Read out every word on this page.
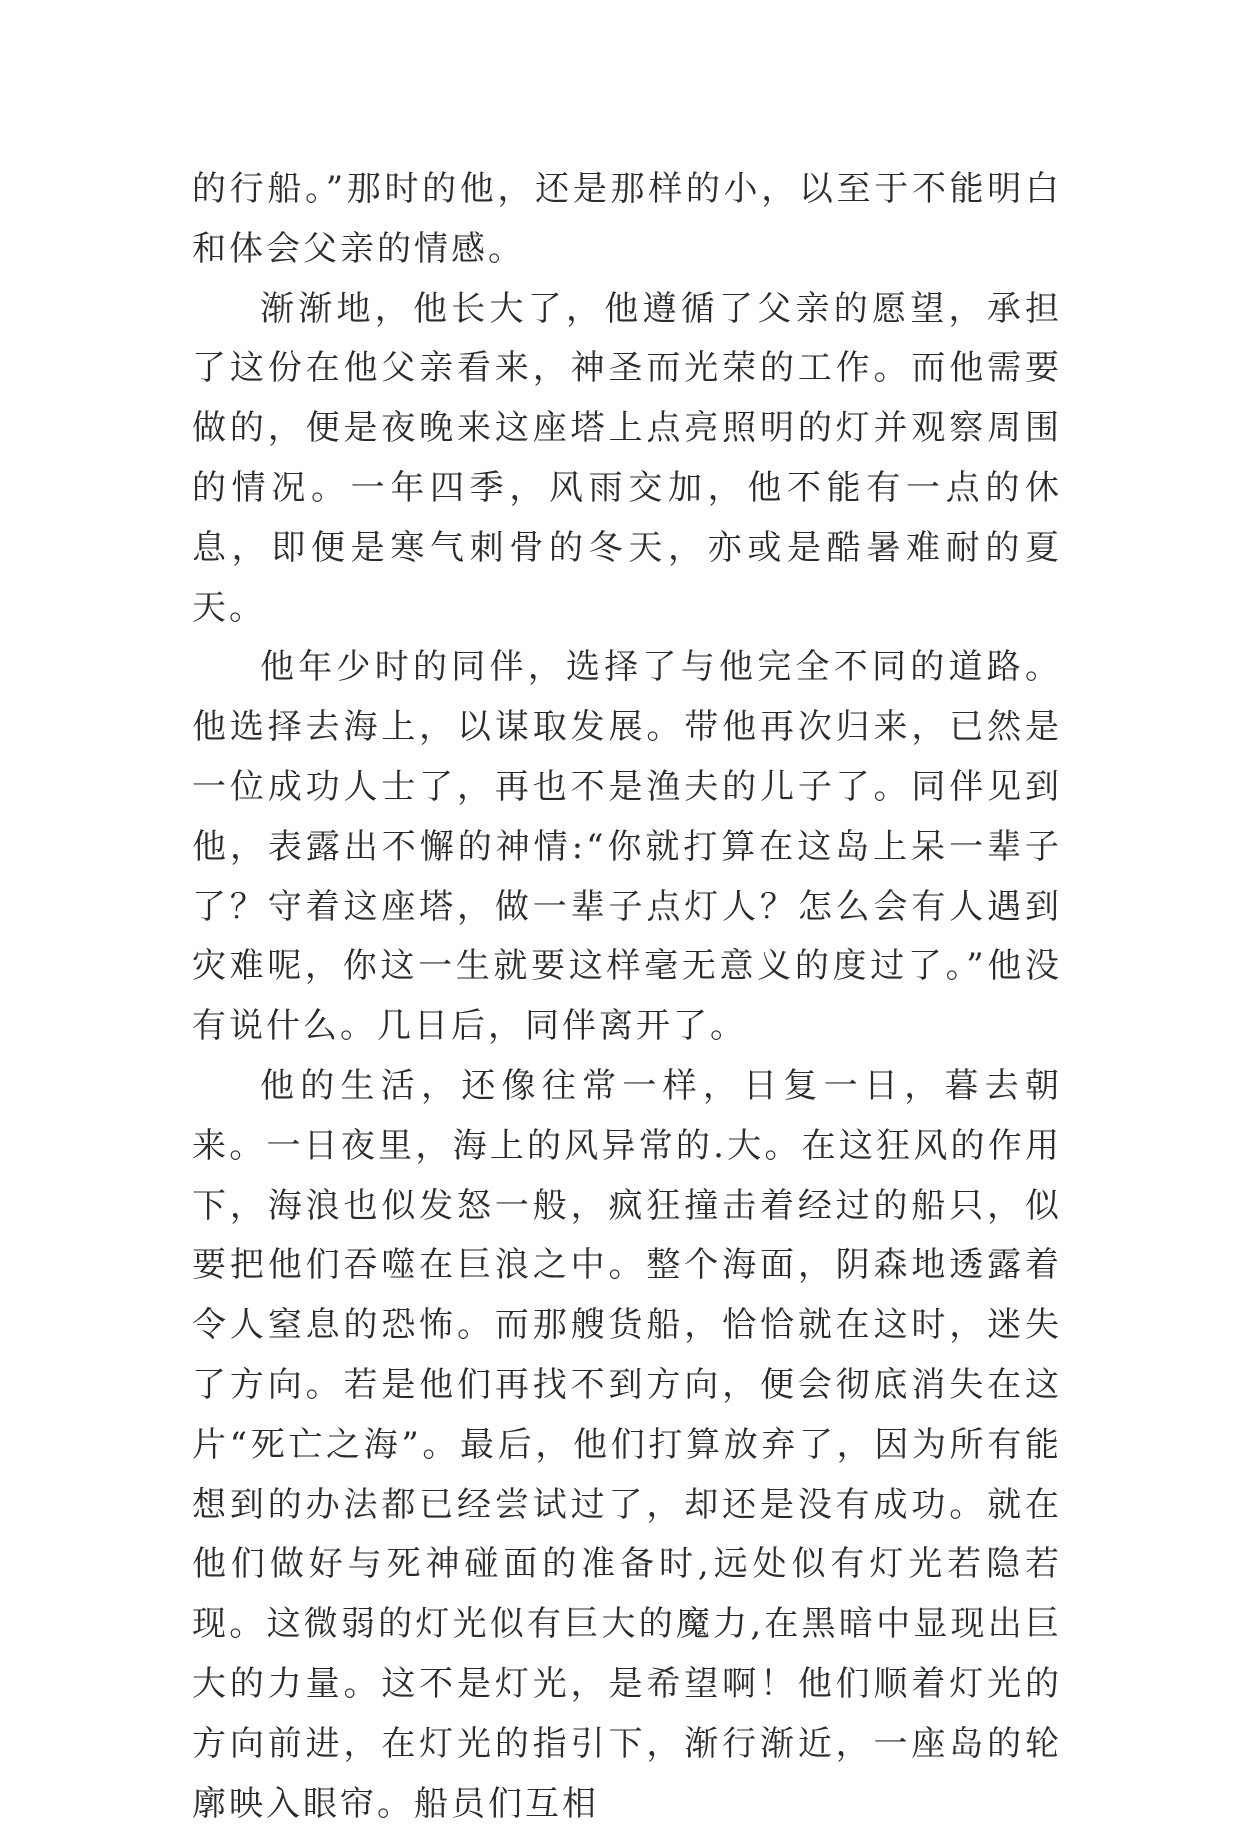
的行船。”那时的他，还是那样的小，以至于不能明白和体会父亲的情感。

渐渐地，他长大了，他遵循了父亲的愿望，承担了这份在他父亲看来，神圣而光荣的工作。而他需要做的，便是夜晚来这座塔上点亮照明的灯并观察周围的情况。一年四季，风雨交加，他不能有一点的休息，即便是寒气刺骨的冬天，亦或是酷暑难耐的夏天。

他年少时的同伴，选择了与他完全不同的道路。他选择去海上，以谋取发展。带他再次归来，已然是一位成功人士了，再也不是渔夫的儿子了。同伴见到他，表露出不懈的神情:“你就打算在这岛上呆一辈子了？守着这座塔，做一辈子点灯人？怎么会有人遇到灾难呢，你这一生就要这样毫无意义的度过了。”他没有说什么。几日后，同伴离开了。

他的生活，还像往常一样，日复一日，暮去朝来。一日夜里，海上的风异常的.大。在这狂风的作用下，海浪也似发怒一般，疯狂撞击着经过的船只，似要把他们吞噬在巨浪之中。整个海面，阴森地透露着令人窒息的恐怖。而那艘货船，恰恰就在这时，迷失了方向。若是他们再找不到方向，便会彻底消失在这片“死亡之海”。最后，他们打算放弃了，因为所有能想到的办法都已经尝试过了，却还是没有成功。就在他们做好与死神碰面的准备时,远处似有灯光若隐若现。这微弱的灯光似有巨大的魔力,在黑暗中显现出巨大的力量。这不是灯光，是希望啊！他们顺着灯光的方向前进，在灯光的指引下，渐行渐近，一座岛的轮廓映入眼帘。船员们互相
